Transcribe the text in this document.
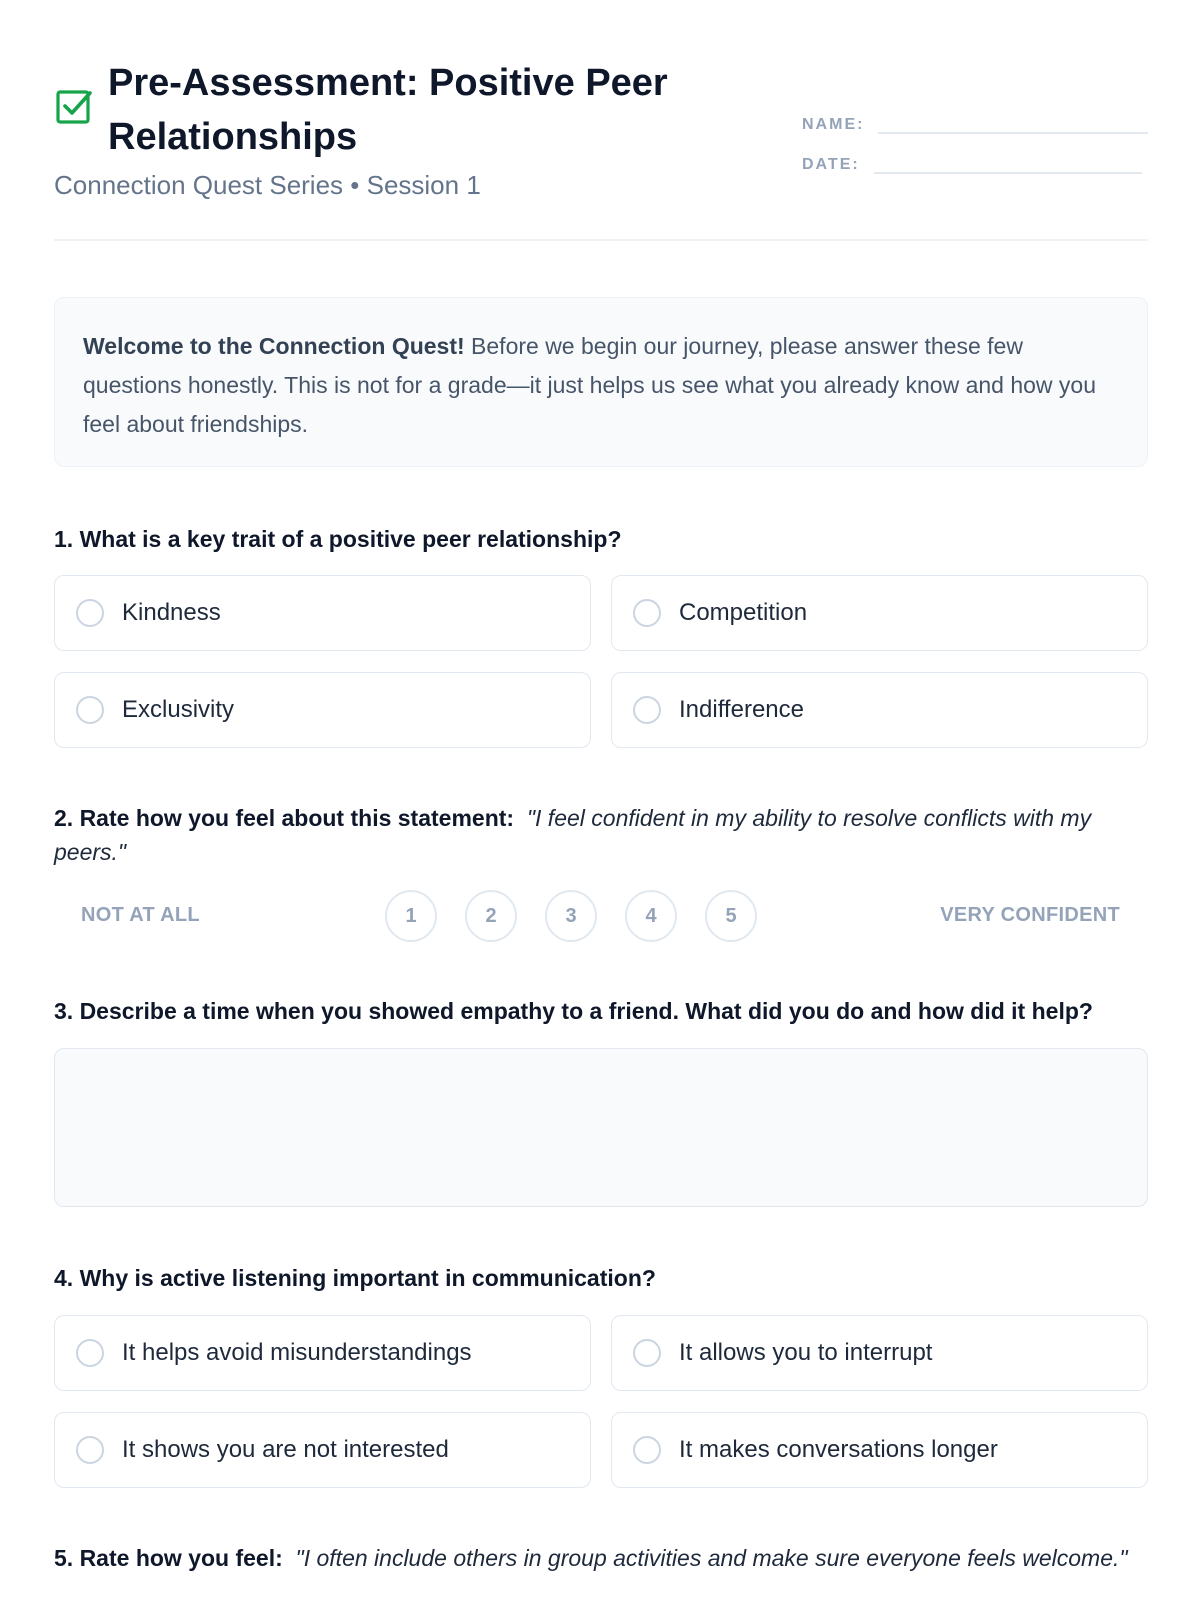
Pre-Assessment: Positive Peer Relationships
Connection Quest Series • Session 1
NAME:
DATE:
Welcome to the Connection Quest! Before we begin our journey, please answer these few questions honestly. This is not for a grade—it just helps us see what you already know and how you feel about friendships.
1. What is a key trait of a positive peer relationship?
Kindness	Competition
Exclusivity	Indifference
2. Rate how you feel about this statement: "I feel confident in my ability to resolve conflicts with my peers."
NOT AT ALL	1	2	3	4	5	VERY CONFIDENT
3. Describe a time when you showed empathy to a friend. What did you do and how did it help?
4. Why is active listening important in communication?
It helps avoid misunderstandings	It allows you to interrupt
It shows you are not interested	It makes conversations longer
5. Rate how you feel: "I often include others in group activities and make sure everyone feels welcome."
